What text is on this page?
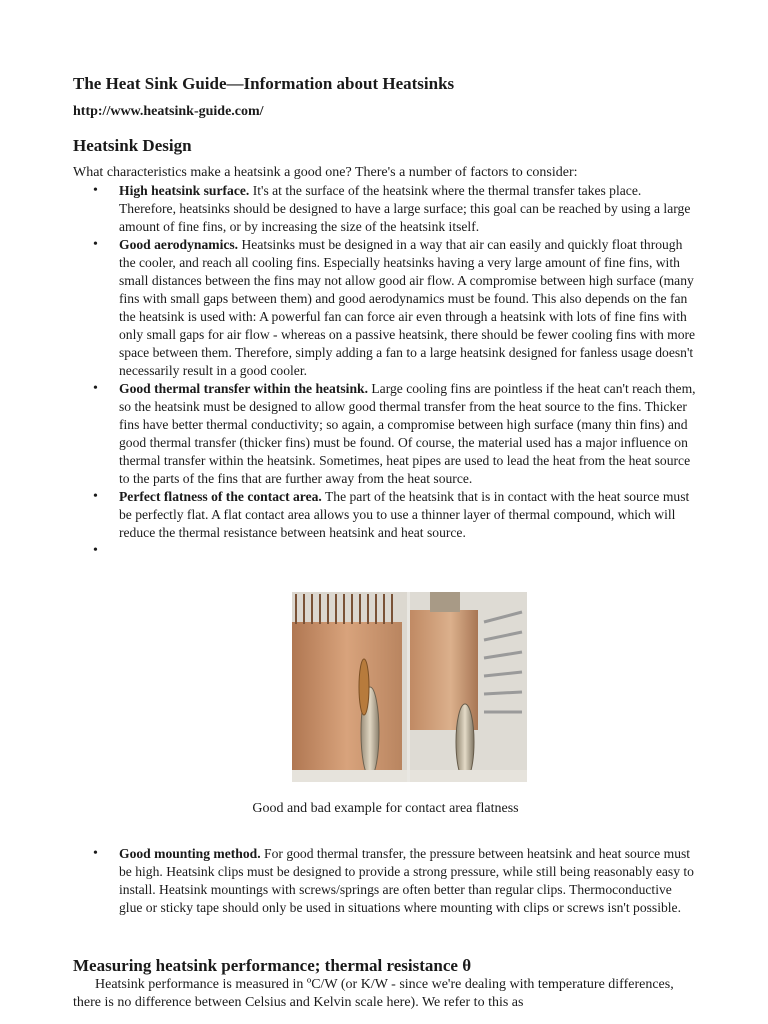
The Heat Sink Guide—Information about Heatsinks
http://www.heatsink-guide.com/
Heatsink Design
What characteristics make a heatsink a good one? There's a number of factors to consider:
• High heatsink surface. It's at the surface of the heatsink where the thermal transfer takes place. Therefore, heatsinks should be designed to have a large surface; this goal can be reached by using a large amount of fine fins, or by increasing the size of the heatsink itself.
• Good aerodynamics. Heatsinks must be designed in a way that air can easily and quickly float through the cooler, and reach all cooling fins. Especially heatsinks having a very large amount of fine fins, with small distances between the fins may not allow good air flow. A compromise between high surface (many fins with small gaps between them) and good aerodynamics must be found. This also depends on the fan the heatsink is used with: A powerful fan can force air even through a heatsink with lots of fine fins with only small gaps for air flow - whereas on a passive heatsink, there should be fewer cooling fins with more space between them. Therefore, simply adding a fan to a large heatsink designed for fanless usage doesn't necessarily result in a good cooler.
• Good thermal transfer within the heatsink. Large cooling fins are pointless if the heat can't reach them, so the heatsink must be designed to allow good thermal transfer from the heat source to the fins. Thicker fins have better thermal conductivity; so again, a compromise between high surface (many thin fins) and good thermal transfer (thicker fins) must be found. Of course, the material used has a major influence on thermal transfer within the heatsink. Sometimes, heat pipes are used to lead the heat from the heat source to the parts of the fins that are further away from the heat source.
• Perfect flatness of the contact area. The part of the heatsink that is in contact with the heat source must be perfectly flat. A flat contact area allows you to use a thinner layer of thermal compound, which will reduce the thermal resistance between heatsink and heat source.
•
Good and bad example for contact area flatness
• Good mounting method. For good thermal transfer, the pressure between heatsink and heat source must be high. Heatsink clips must be designed to provide a strong pressure, while still being reasonably easy to install. Heatsink mountings with screws/springs are often better than regular clips. Thermoconductive glue or sticky tape should only be used in situations where mounting with clips or screws isn't possible.
Measuring heatsink performance; thermal resistance θ
Heatsink performance is measured in ºC/W (or K/W - since we're dealing with temperature differences, there is no difference between Celsius and Kelvin scale here). We refer to this as
